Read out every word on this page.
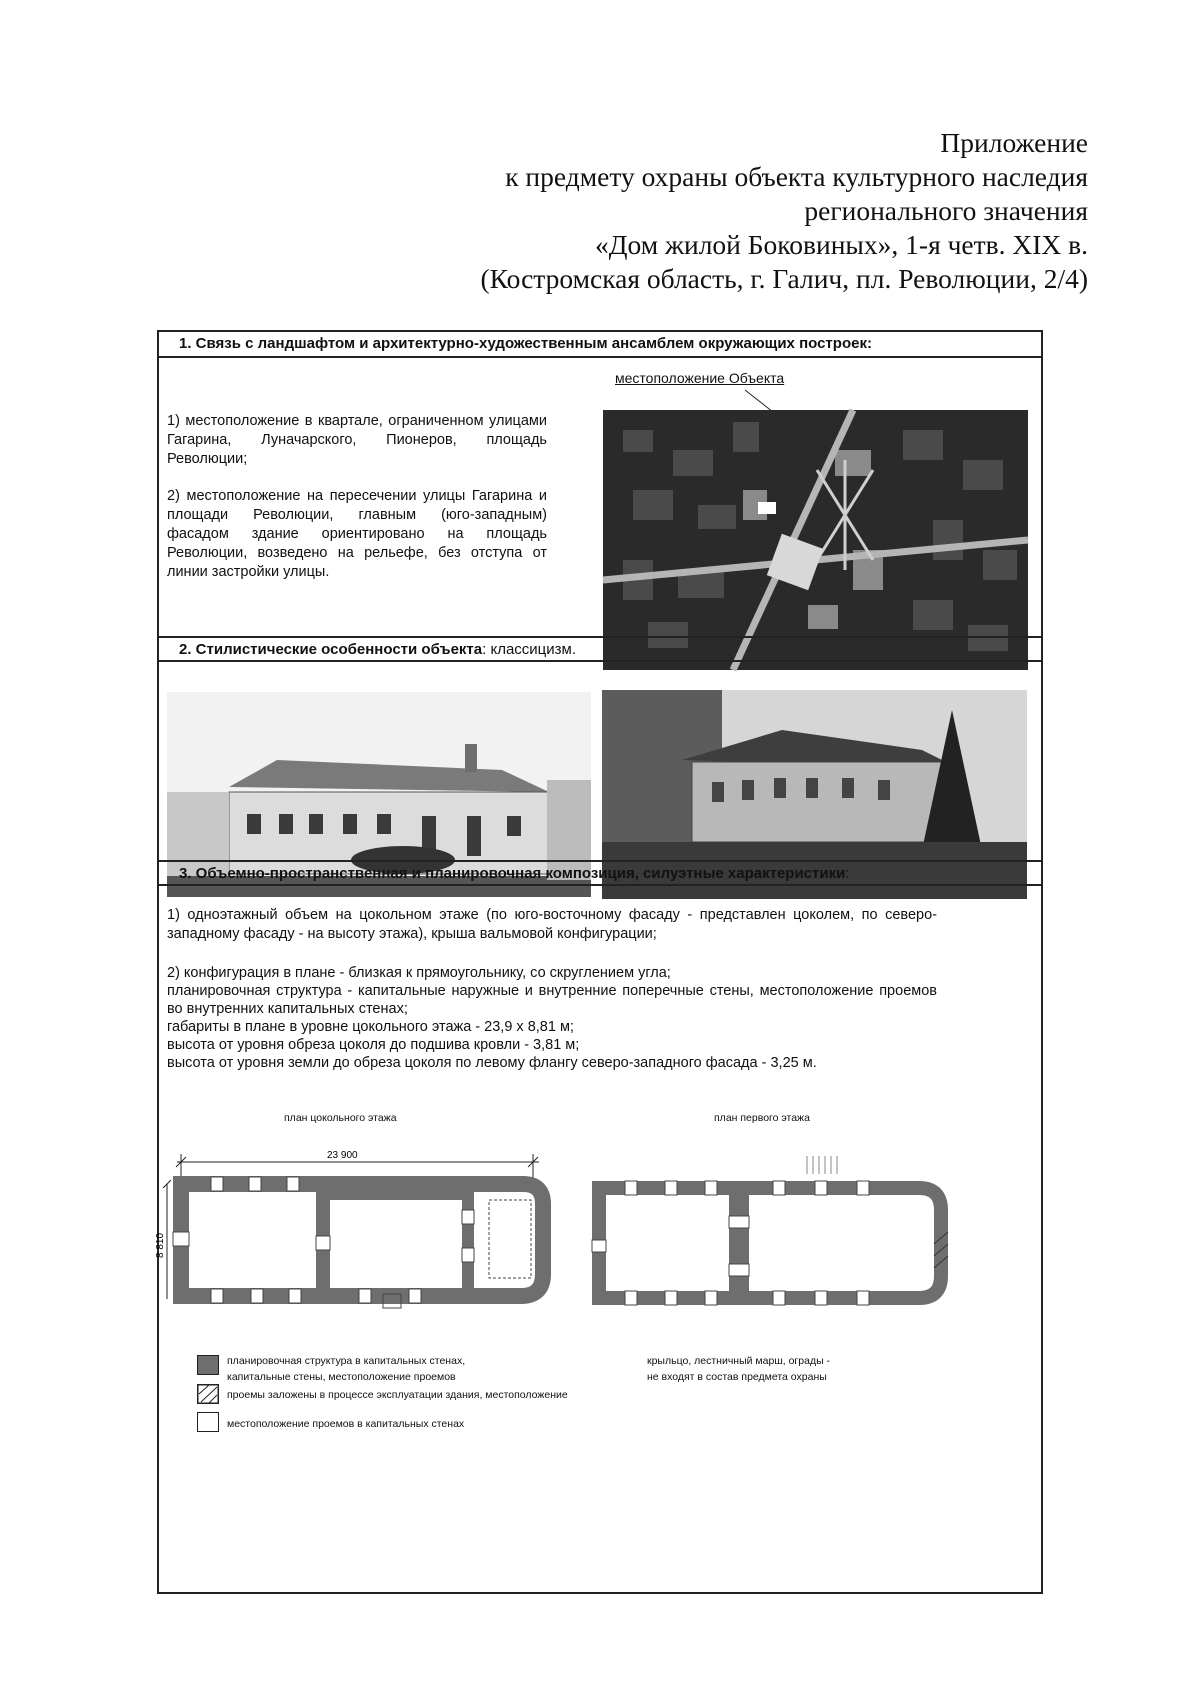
Приложение
к предмету охраны объекта культурного наследия
регионального значения
«Дом жилой Боковиных», 1-я четв. XIX в.
(Костромская область, г. Галич, пл. Революции, 2/4)
1. Связь с ландшафтом и архитектурно-художественным ансамблем окружающих построек:
1) местоположение в квартале, ограниченном улицами Гагарина, Луначарского, Пионеров, площадь Революции;
2) местоположение на пересечении улицы Гагарина и площади Революции, главным (юго-западным) фасадом здание ориентировано на площадь Революции, возведено на рельефе, без отступа от линии застройки улицы.
местоположение Объекта
2. Стилистические особенности объекта: классицизм.
3. Объемно-пространственная и планировочная композиция, силуэтные характеристики:
1) одноэтажный объем на цокольном этаже (по юго-восточному фасаду - представлен цоколем, по северо-западному фасаду - на высоту этажа), крыша вальмовой конфигурации;
2) конфигурация в плане - близкая к прямоугольнику, со скруглением угла;
планировочная структура - капитальные наружные и внутренние поперечные стены, местоположение проемов во внутренних капитальных стенах;
габариты в плане в уровне цокольного этажа - 23,9 х 8,81 м;
высота от уровня обреза цоколя до подшива кровли - 3,81 м;
высота от уровня земли до обреза цоколя по левому флангу северо-западного фасада - 3,25 м.
план цокольного этажа	план первого этажа
23 900
8 810
планировочная структура в капитальных стенах,
капитальные стены, местоположение проемов
проемы заложены в процессе эксплуатации здания, местоположение
местоположение проемов в капитальных стенах
крыльцо, лестничный марш, ограды -
не входят в состав предмета охраны
